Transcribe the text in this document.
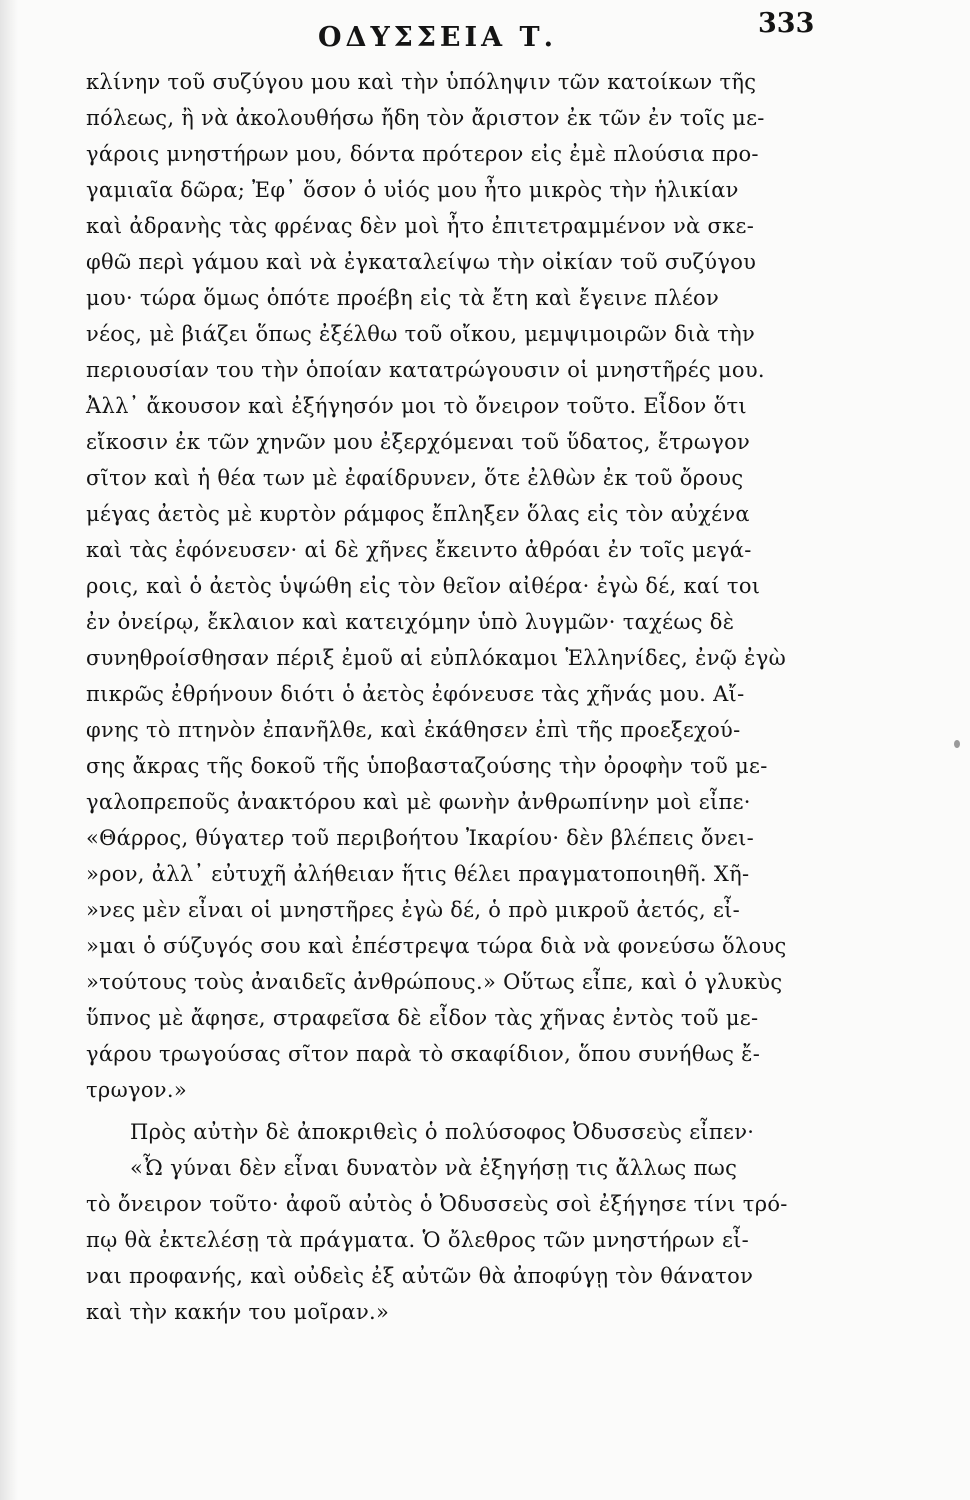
ΟΔΥΣΣΕΙΑ Τ.	333
κλίνην τοῦ συζύγου μου καὶ τὴν ὑπόληψιν τῶν κατοίκων τῆς
πόλεως, ἢ νὰ ἀκολουθήσω ἤδη τὸν ἄριστον ἐκ τῶν ἐν τοῖς με-
γάροις μνηστήρων μου, δόντα πρότερον εἰς ἐμὲ πλούσια προ-
γαμιαῖα δῶρα; Ἐφ᾽ ὅσον ὁ υἱός μου ἦτο μικρὸς τὴν ἡλικίαν
καὶ ἀδρανὴς τὰς φρένας δὲν μοὶ ἦτο ἐπιτετραμμένον νὰ σκε-
φθῶ περὶ γάμου καὶ νὰ ἐγκαταλείψω τὴν οἰκίαν τοῦ συζύγου
μου· τώρα ὅμως ὁπότε προέβη εἰς τὰ ἔτη καὶ ἔγεινε πλέον
νέος, μὲ βιάζει ὅπως ἐξέλθω τοῦ οἴκου, μεμψιμοιρῶν διὰ τὴν
περιουσίαν του τὴν ὁποίαν κατατρώγουσιν οἱ μνηστῆρές μου.
Ἀλλ᾽ ἄκουσον καὶ ἐξήγησόν μοι τὸ ὄνειρον τοῦτο. Εἶδον ὅτι
εἴκοσιν ἐκ τῶν χηνῶν μου ἐξερχόμεναι τοῦ ὕδατος, ἔτρωγον
σῖτον καὶ ἡ θέα των μὲ ἐφαίδρυνεν, ὅτε ἐλθὼν ἐκ τοῦ ὄρους
μέγας ἀετὸς μὲ κυρτὸν ράμφος ἔπληξεν ὅλας εἰς τὸν αὐχένα
καὶ τὰς ἐφόνευσεν· αἱ δὲ χῆνες ἔκειντο ἀθρόαι ἐν τοῖς μεγά-
ροις, καὶ ὁ ἀετὸς ὑψώθη εἰς τὸν θεῖον αἰθέρα· ἐγὼ δέ, καί τοι
ἐν ὀνείρῳ, ἔκλαιον καὶ κατειχόμην ὑπὸ λυγμῶν· ταχέως δὲ
συνηθροίσθησαν πέριξ ἐμοῦ αἱ εὐπλόκαμοι Ἑλληνίδες, ἐνῷ ἐγὼ
πικρῶς ἐθρήνουν διότι ὁ ἀετὸς ἐφόνευσε τὰς χῆνάς μου. Αἴ-
φνης τὸ πτηνὸν ἐπανῆλθε, καὶ ἐκάθησεν ἐπὶ τῆς προεξεχού-
σης ἄκρας τῆς δοκοῦ τῆς ὑποβασταζούσης τὴν ὀροφὴν τοῦ με-
γαλοπρεποῦς ἀνακτόρου καὶ μὲ φωνὴν ἀνθρωπίνην μοὶ εἶπε·
«Θάρρος, θύγατερ τοῦ περιβοήτου Ἰκαρίου· δὲν βλέπεις ὄνει-
»ρον, ἀλλ᾽ εὐτυχῆ ἀλήθειαν ἥτις θέλει πραγματοποιηθῆ. Χῆ-
»νες μὲν εἶναι οἱ μνηστῆρες ἐγὼ δέ, ὁ πρὸ μικροῦ ἀετός, εἶ-
»μαι ὁ σύζυγός σου καὶ ἐπέστρεψα τώρα διὰ νὰ φονεύσω ὅλους
»τούτους τοὺς ἀναιδεῖς ἀνθρώπους.» Οὕτως εἶπε, καὶ ὁ γλυκὺς
ὕπνος μὲ ἄφησε, στραφεῖσα δὲ εἶδον τὰς χῆνας ἐντὸς τοῦ με-
γάρου τρωγούσας σῖτον παρὰ τὸ σκαφίδιον, ὅπου συνήθως ἔ-
τρωγον.»
Πρὸς αὐτὴν δὲ ἀποκριθεὶς ὁ πολύσοφος Ὀδυσσεὺς εἶπεν·
«Ὦ γύναι δὲν εἶναι δυνατὸν νὰ ἐξηγήσῃ τις ἄλλως πως
τὸ ὄνειρον τοῦτο· ἀφοῦ αὐτὸς ὁ Ὀδυσσεὺς σοὶ ἐξήγησε τίνι τρό-
πῳ θὰ ἐκτελέσῃ τὰ πράγματα. Ὁ ὄλεθρος τῶν μνηστήρων εἶ-
ναι προφανής, καὶ οὐδεὶς ἐξ αὐτῶν θὰ ἀποφύγῃ τὸν θάνατον
καὶ τὴν κακήν του μοῖραν.»
